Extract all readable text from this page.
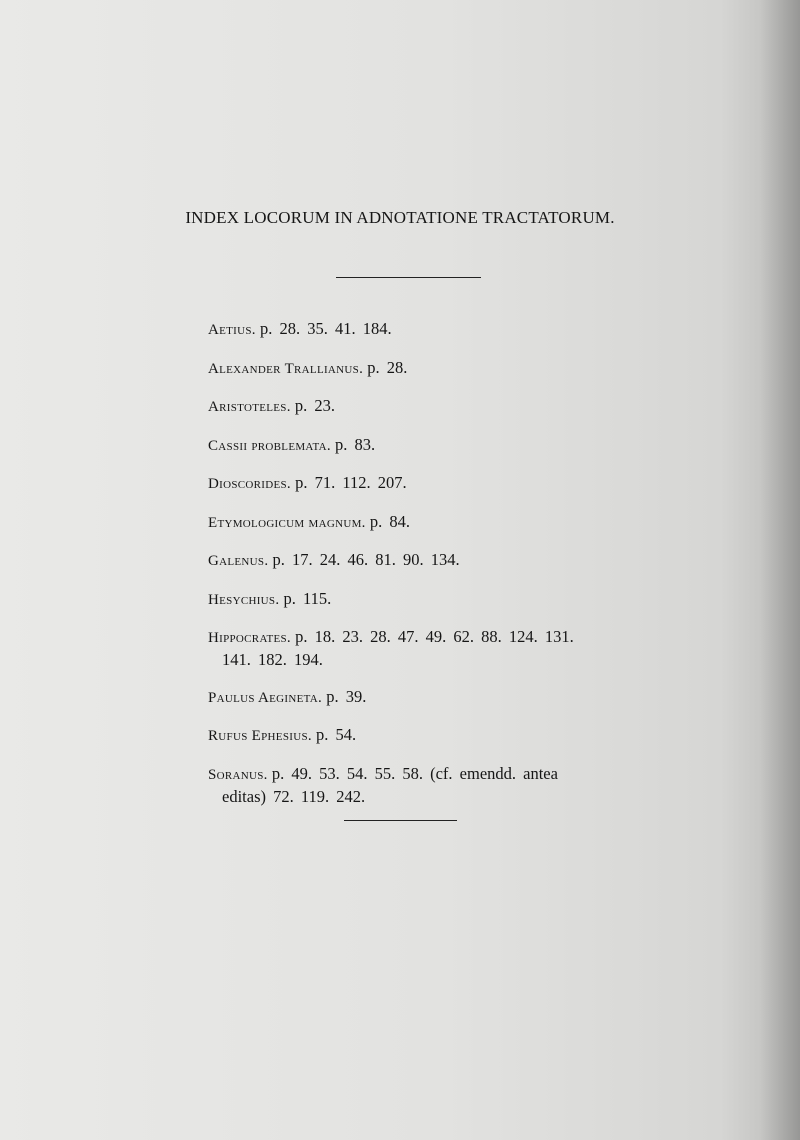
INDEX LOCORUM IN ADNOTATIONE TRACTATORUM.
Aetius. p. 28. 35. 41. 184.
Alexander Trallianus. p. 28.
Aristoteles. p. 23.
Cassii problemata. p. 83.
Dioscorides. p. 71. 112. 207.
Etymologicum magnum. p. 84.
Galenus. p. 17. 24. 46. 81. 90. 134.
Hesychius. p. 115.
Hippocrates. p. 18. 23. 28. 47. 49. 62. 88. 124. 131.
141. 182. 194.
Paulus Aegineta. p. 39.
Rufus Ephesius. p. 54.
Soranus. p. 49. 53. 54. 55. 58. (cf. emendd. antea
editas) 72. 119. 242.
